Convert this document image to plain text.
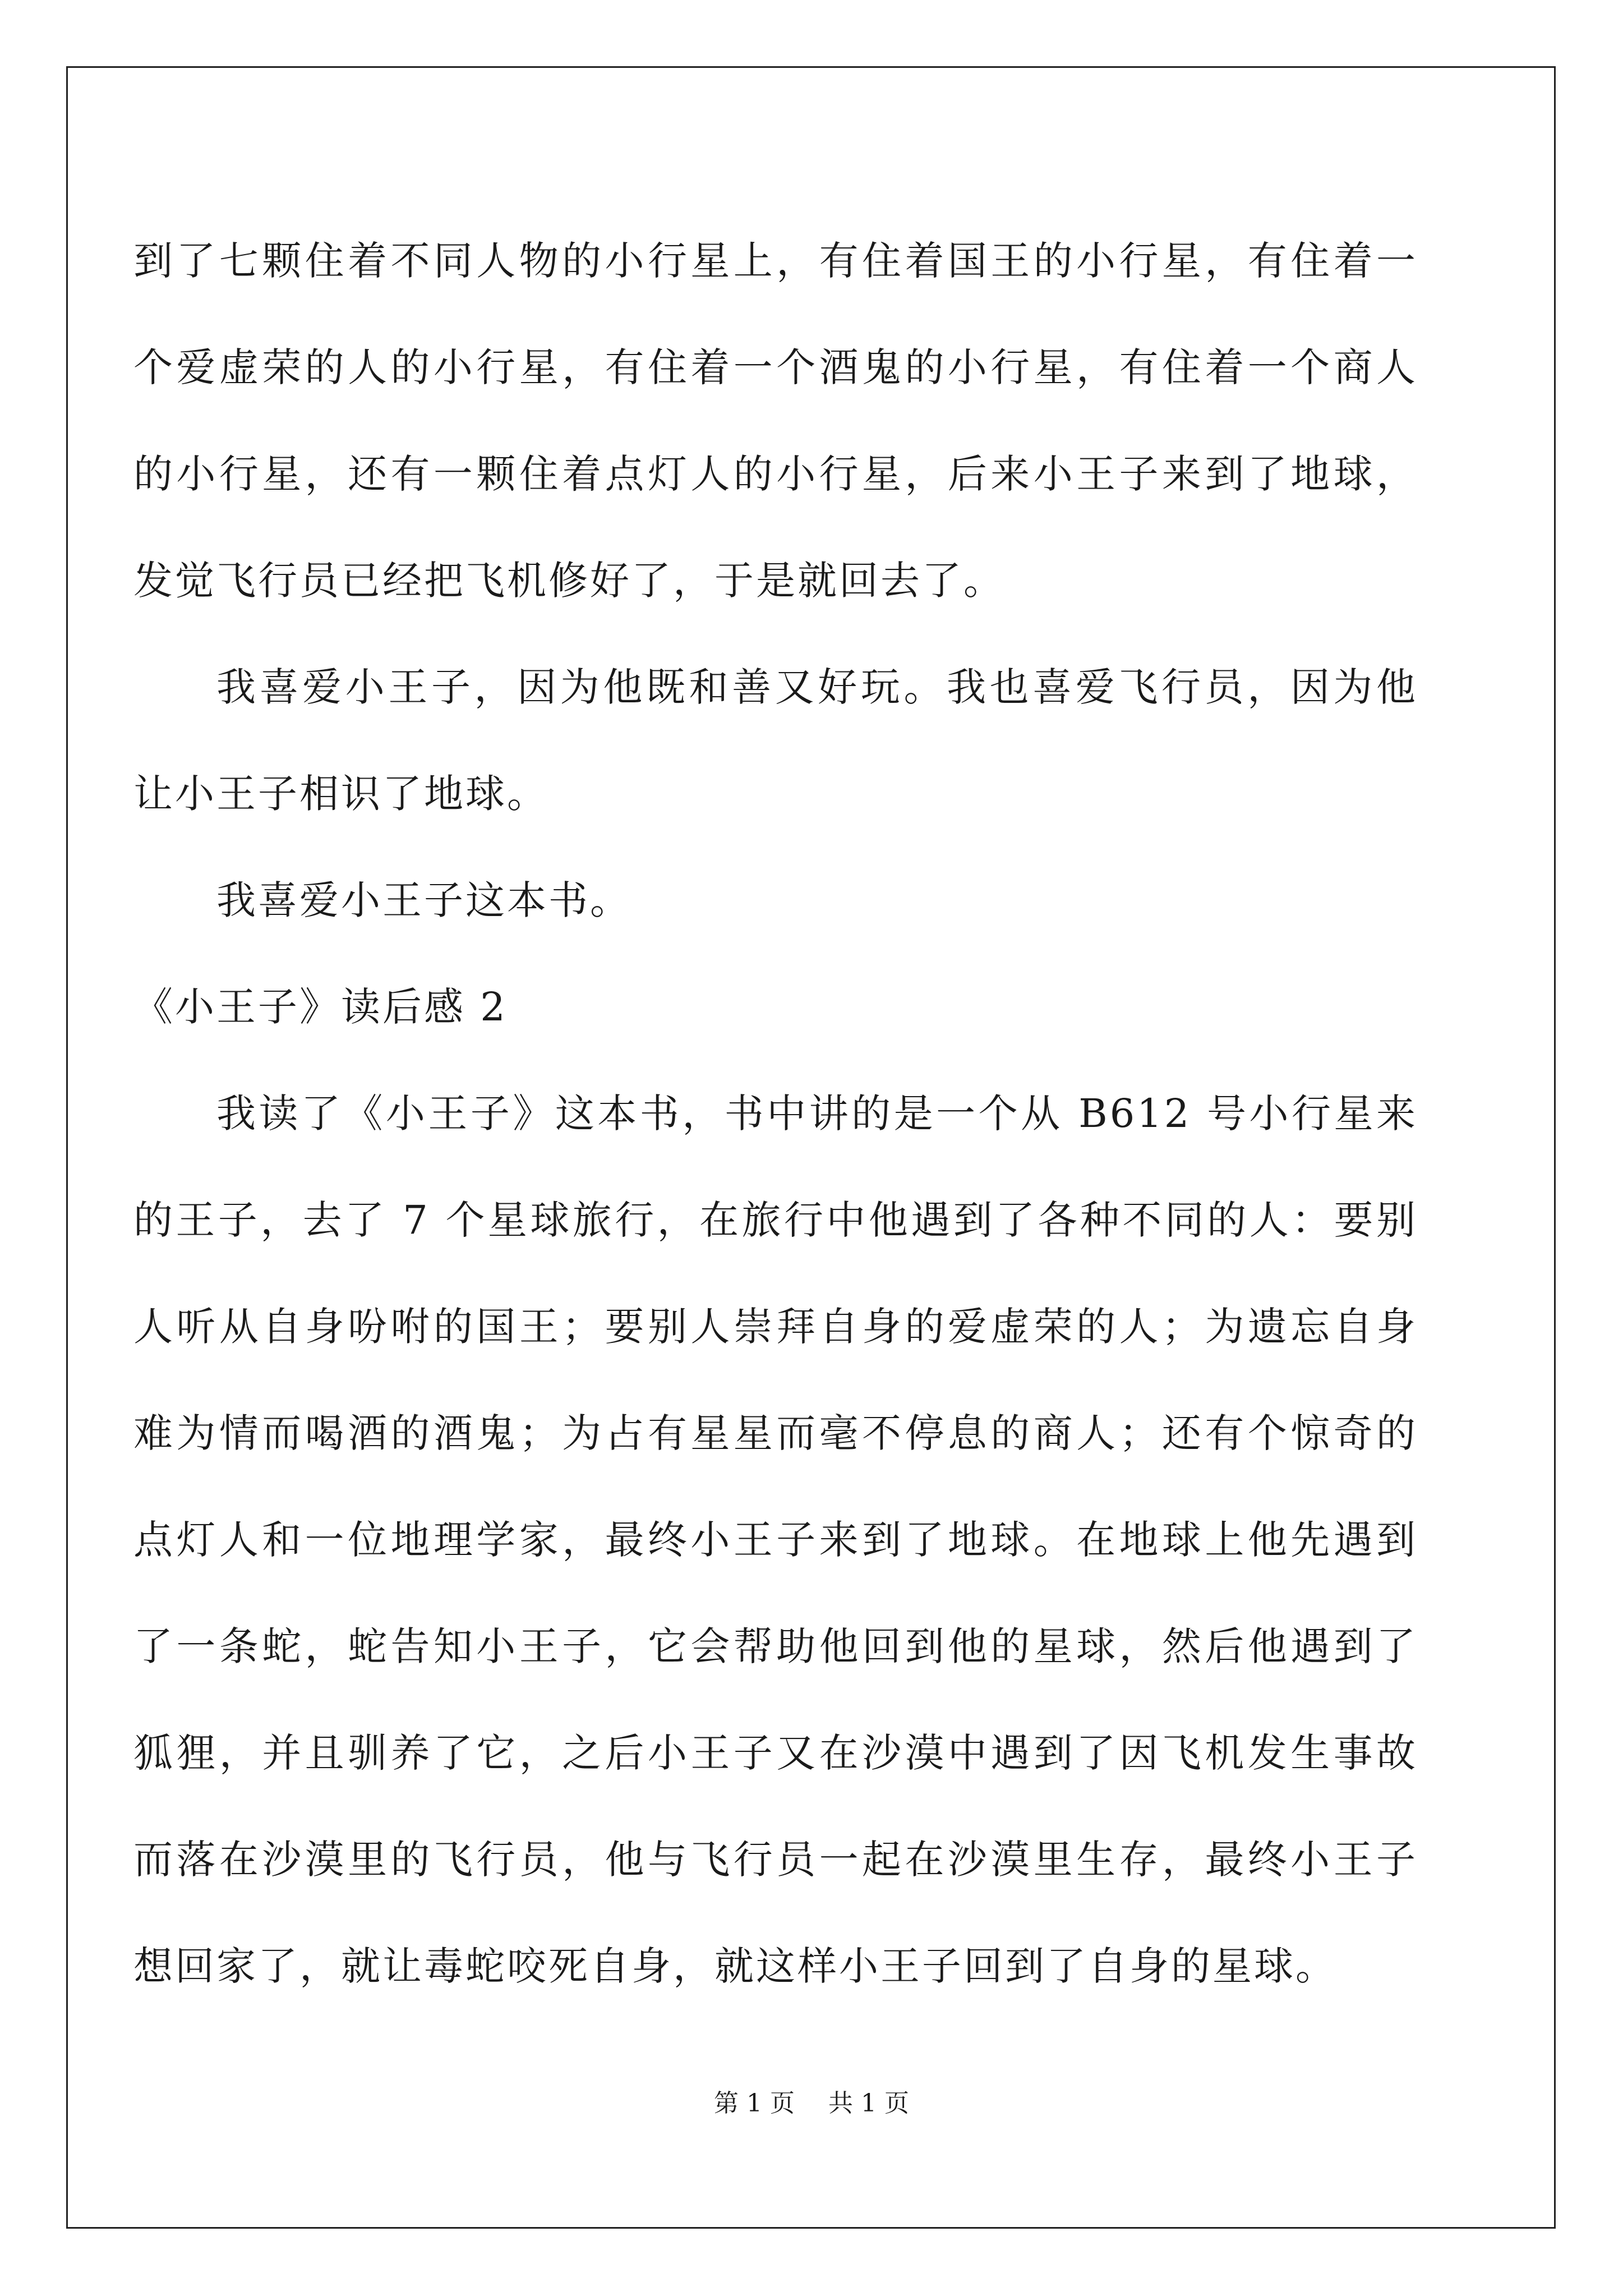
到了七颗住着不同人物的小行星上，有住着国王的小行星，有住着一个爱虚荣的人的小行星，有住着一个酒鬼的小行星，有住着一个商人的小行星，还有一颗住着点灯人的小行星，后来小王子来到了地球，发觉飞行员已经把飞机修好了，于是就回去了。

我喜爱小王子，因为他既和善又好玩。我也喜爱飞行员，因为他让小王子相识了地球。

我喜爱小王子这本书。

《小王子》读后感 2

我读了《小王子》这本书，书中讲的是一个从 B612 号小行星来的王子，去了 7 个星球旅行，在旅行中他遇到了各种不同的人：要别人听从自身吩咐的国王；要别人崇拜自身的爱虚荣的人；为遗忘自身难为情而喝酒的酒鬼；为占有星星而毫不停息的商人；还有个惊奇的点灯人和一位地理学家，最终小王子来到了地球。在地球上他先遇到了一条蛇，蛇告知小王子，它会帮助他回到他的星球，然后他遇到了狐狸，并且驯养了它，之后小王子又在沙漠中遇到了因飞机发生事故而落在沙漠里的飞行员，他与飞行员一起在沙漠里生存，最终小王子想回家了，就让毒蛇咬死自身，就这样小王子回到了自身的星球。

第 1 页 共 1 页
